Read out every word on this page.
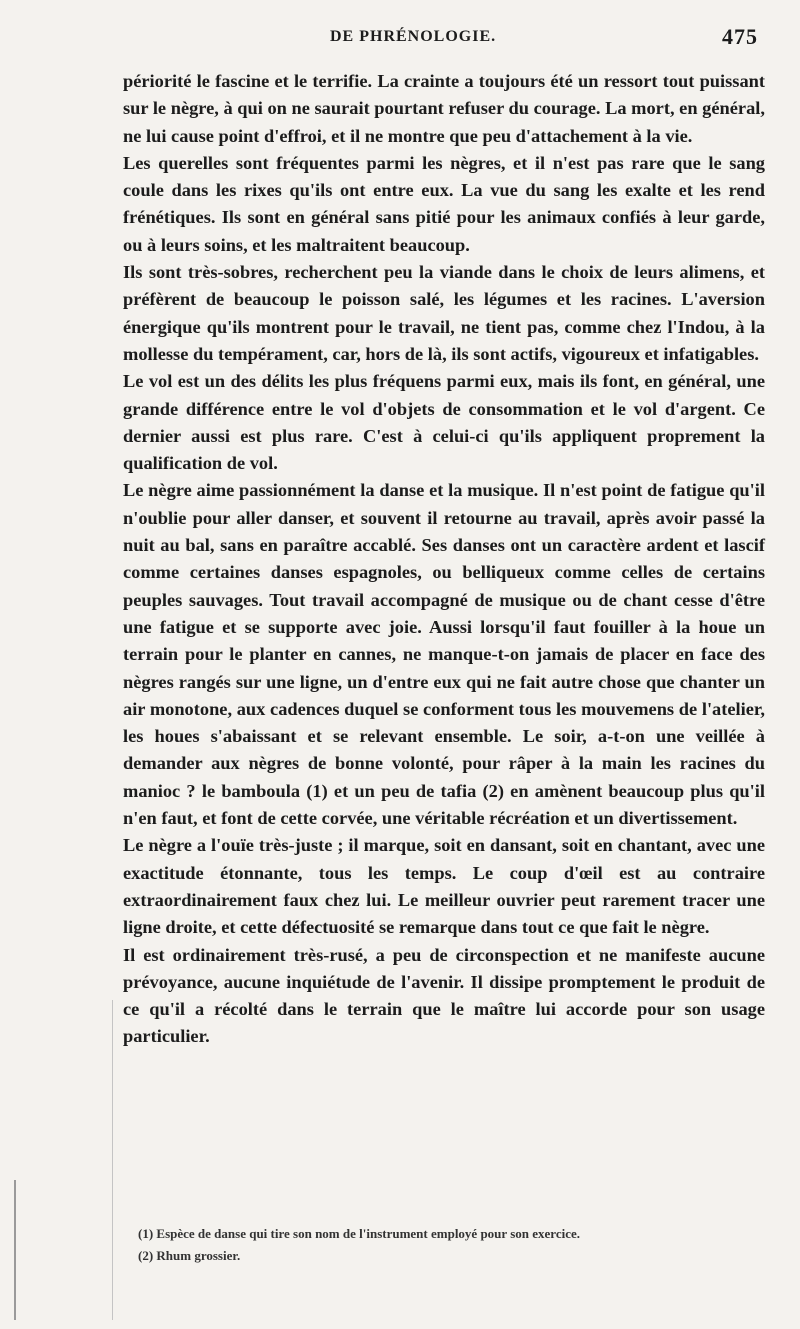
DE PHRÉNOLOGIE.	475

périorité le fascine et le terrifie. La crainte a toujours été un ressort tout puissant sur le nègre, à qui on ne saurait pourtant refuser du courage. La mort, en général, ne lui cause point d'effroi, et il ne montre que peu d'attachement à la vie.

Les querelles sont fréquentes parmi les nègres, et il n'est pas rare que le sang coule dans les rixes qu'ils ont entre eux. La vue du sang les exalte et les rend frénétiques. Ils sont en général sans pitié pour les animaux confiés à leur garde, ou à leurs soins, et les maltraitent beaucoup.

Ils sont très-sobres, recherchent peu la viande dans le choix de leurs alimens, et préfèrent de beaucoup le poisson salé, les légumes et les racines. L'aversion énergique qu'ils montrent pour le travail, ne tient pas, comme chez l'Indou, à la mollesse du tempérament, car, hors de là, ils sont actifs, vigoureux et infatigables.

Le vol est un des délits les plus fréquens parmi eux, mais ils font, en général, une grande différence entre le vol d'objets de consommation et le vol d'argent. Ce dernier aussi est plus rare. C'est à celui-ci qu'ils appliquent proprement la qualification de vol.

Le nègre aime passionnément la danse et la musique. Il n'est point de fatigue qu'il n'oublie pour aller danser, et souvent il retourne au travail, après avoir passé la nuit au bal, sans en paraître accablé. Ses danses ont un caractère ardent et lascif comme certaines danses espagnoles, ou belliqueux comme celles de certains peuples sauvages. Tout travail accompagné de musique ou de chant cesse d'être une fatigue et se supporte avec joie. Aussi lorsqu'il faut fouiller à la houe un terrain pour le planter en cannes, ne manque-t-on jamais de placer en face des nègres rangés sur une ligne, un d'entre eux qui ne fait autre chose que chanter un air monotone, aux cadences duquel se conforment tous les mouvemens de l'atelier, les houes s'abaissant et se relevant ensemble. Le soir, a-t-on une veillée à demander aux nègres de bonne volonté, pour râper à la main les racines du manioc ? le bamboula (1) et un peu de tafia (2) en amènent beaucoup plus qu'il n'en faut, et font de cette corvée, une véritable récréation et un divertissement.

Le nègre a l'ouïe très-juste ; il marque, soit en dansant, soit en chantant, avec une exactitude étonnante, tous les temps. Le coup d'œil est au contraire extraordinairement faux chez lui. Le meilleur ouvrier peut rarement tracer une ligne droite, et cette défectuosité se remarque dans tout ce que fait le nègre.

Il est ordinairement très-rusé, a peu de circonspection et ne manifeste aucune prévoyance, aucune inquiétude de l'avenir. Il dissipe promptement le produit de ce qu'il a récolté dans le terrain que le maître lui accorde pour son usage particulier.

(1) Espèce de danse qui tire son nom de l'instrument employé pour son exercice.
(2) Rhum grossier.
